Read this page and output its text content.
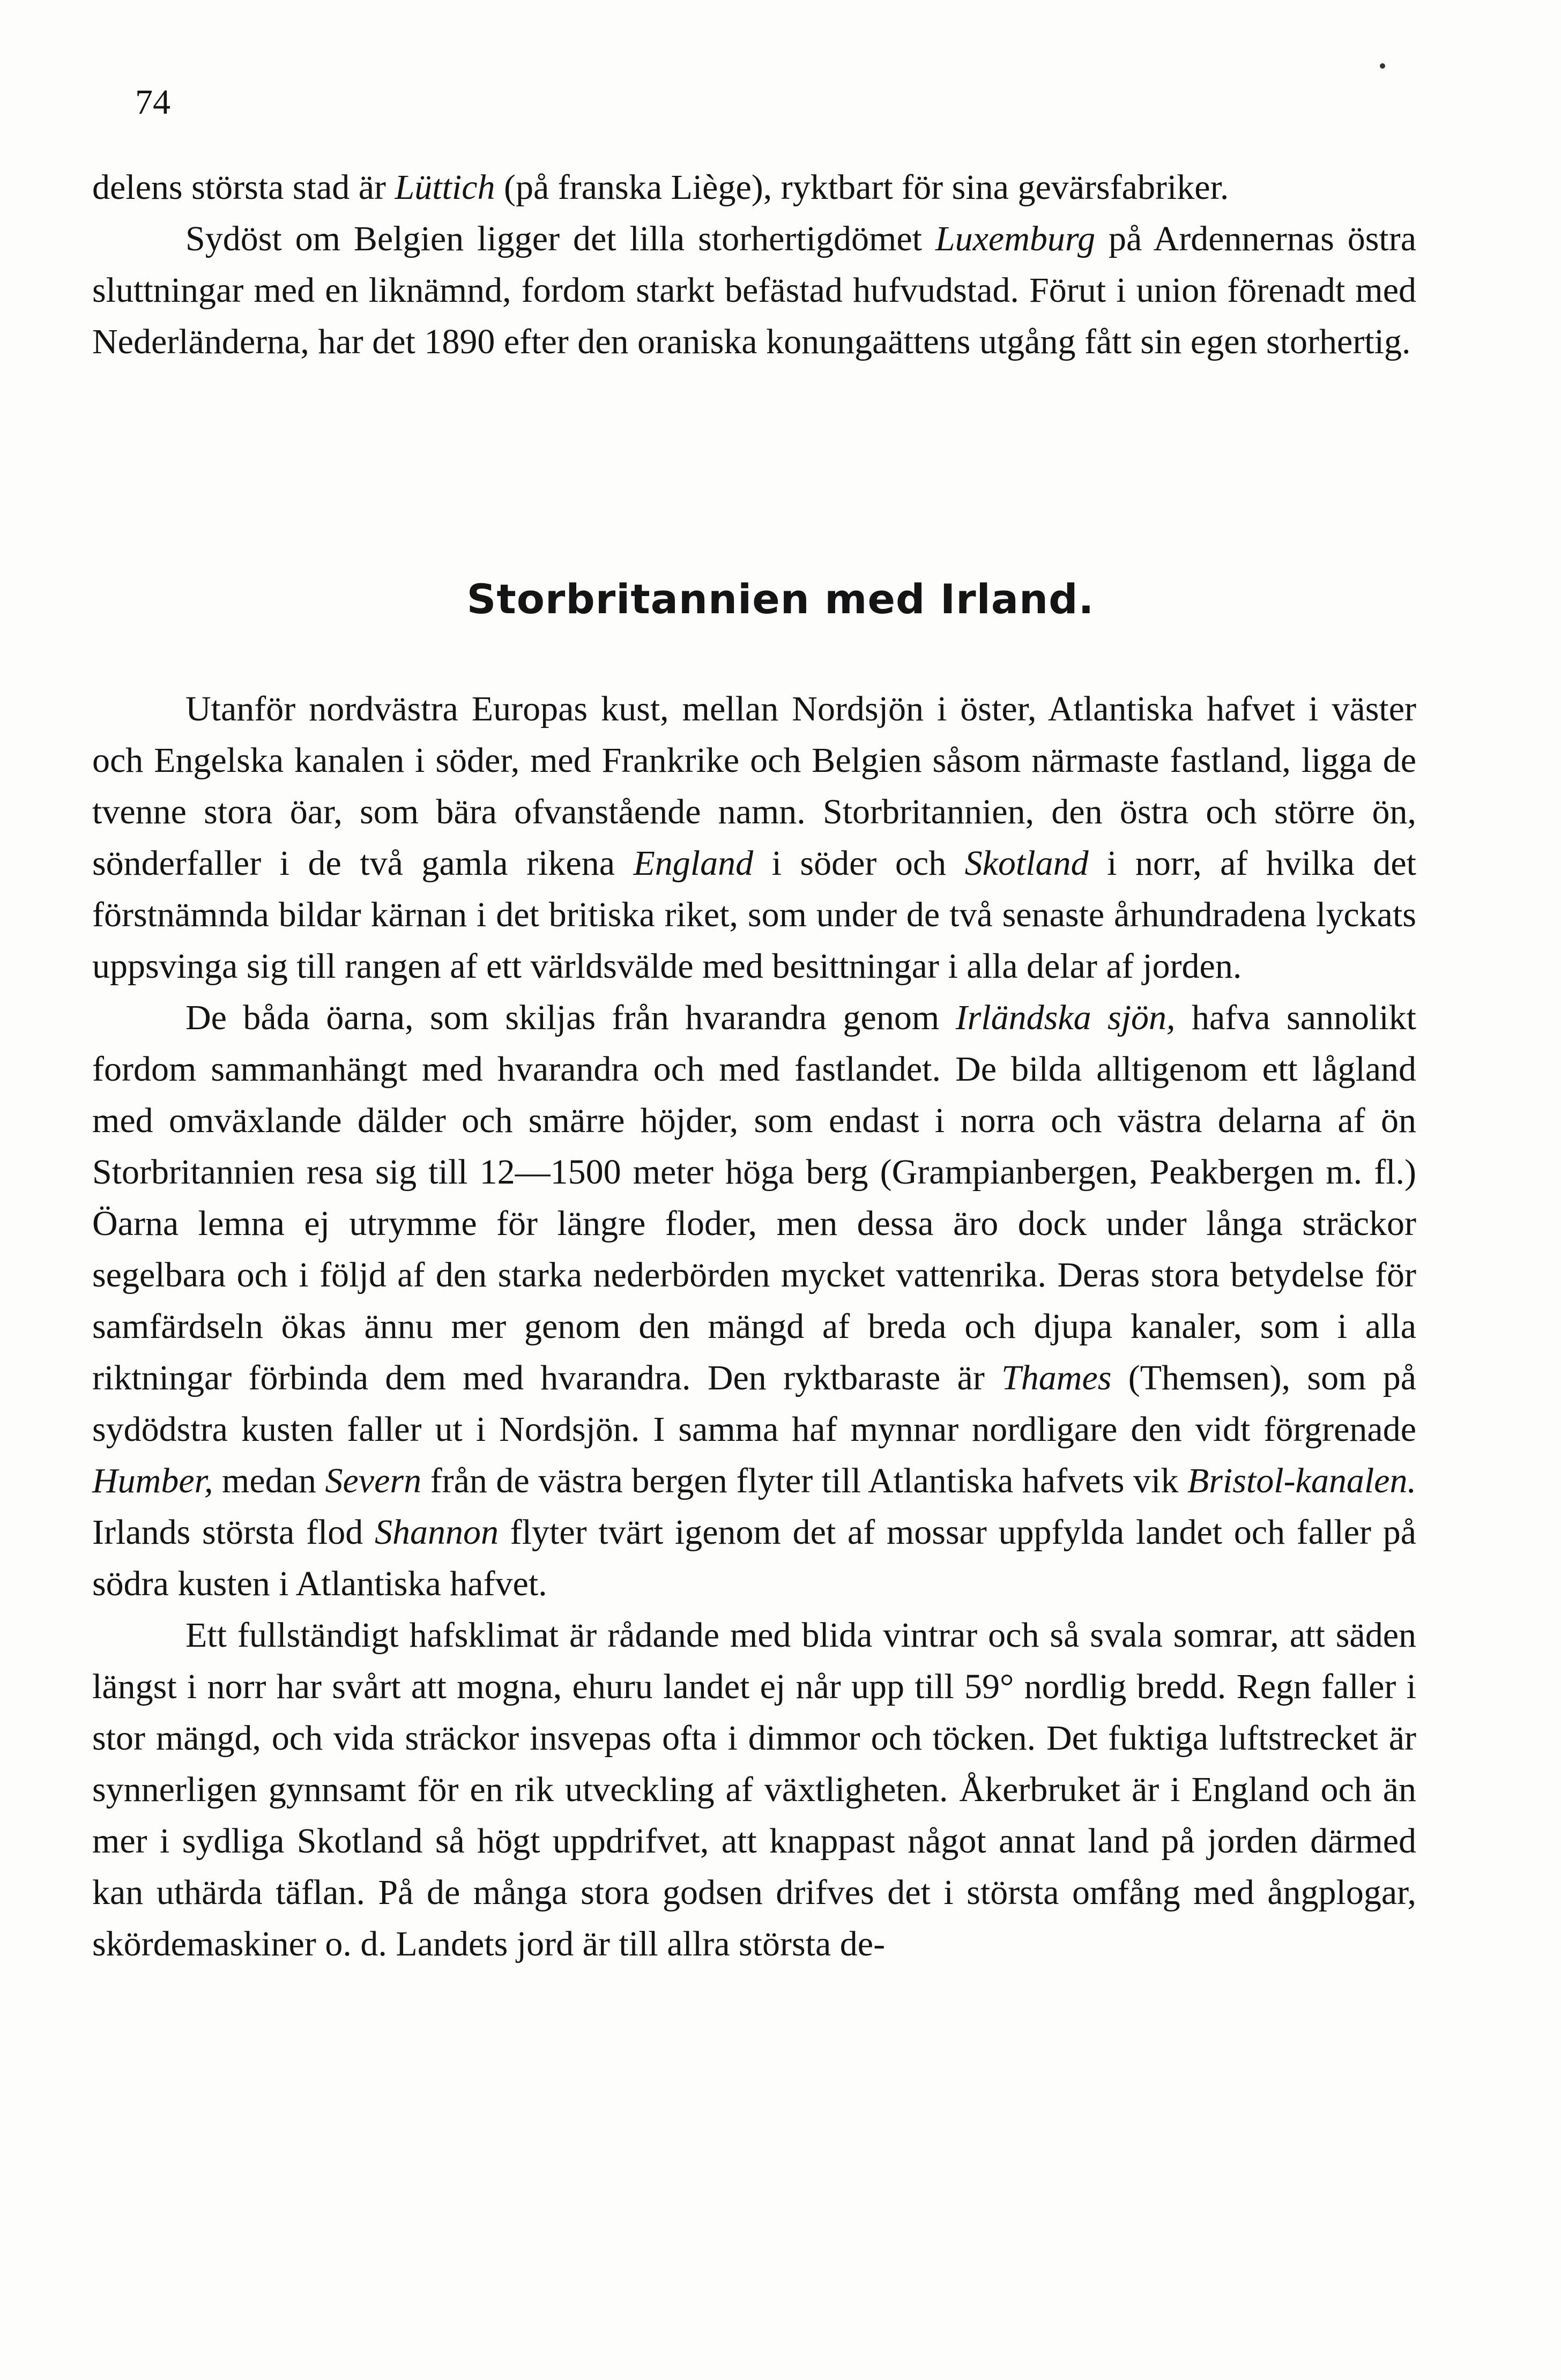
74

delens största stad är Lüttich (på franska Liège), ryktbart för sina gevärsfabriker.

Sydöst om Belgien ligger det lilla storhertigdömet Luxemburg på Ardennernas östra sluttningar med en liknämnd, fordom starkt befästad hufvudstad. Förut i union förenadt med Nederländerna, har det 1890 efter den oraniska konungaättens utgång fått sin egen storhertig.

Storbritannien med Irland.

Utanför nordvästra Europas kust, mellan Nordsjön i öster, Atlantiska hafvet i väster och Engelska kanalen i söder, med Frankrike och Belgien såsom närmaste fastland, ligga de tvenne stora öar, som bära ofvanstående namn. Storbritannien, den östra och större ön, sönderfaller i de två gamla rikena England i söder och Skotland i norr, af hvilka det förstnämnda bildar kärnan i det britiska riket, som under de två senaste århundradena lyckats uppsvinga sig till rangen af ett världsvälde med besittningar i alla delar af jorden.

De båda öarna, som skiljas från hvarandra genom Irländska sjön, hafva sannolikt fordom sammanhängt med hvarandra och med fastlandet. De bilda alltigenom ett lågland med omväxlande dälder och smärre höjder, som endast i norra och västra delarna af ön Storbritannien resa sig till 12—1500 meter höga berg (Grampianbergen, Peakbergen m. fl.) Öarna lemna ej utrymme för längre floder, men dessa äro dock under långa sträckor segelbara och i följd af den starka nederbörden mycket vattenrika. Deras stora betydelse för samfärdseln ökas ännu mer genom den mängd af breda och djupa kanaler, som i alla riktningar förbinda dem med hvarandra. Den ryktbaraste är Thames (Themsen), som på sydödstra kusten faller ut i Nordsjön. I samma haf mynnar nordligare den vidt förgrenade Humber, medan Severn från de västra bergen flyter till Atlantiska hafvets vik Bristol-kanalen. Irlands största flod Shannon flyter tvärt igenom det af mossar uppfylda landet och faller på södra kusten i Atlantiska hafvet.

Ett fullständigt hafsklimat är rådande med blida vintrar och så svala somrar, att säden längst i norr har svårt att mogna, ehuru landet ej når upp till 59° nordlig bredd. Regn faller i stor mängd, och vida sträckor insvepas ofta i dimmor och töcken. Det fuktiga luftstrecket är synnerligen gynnsamt för en rik utveckling af växtligheten. Åkerbruket är i England och än mer i sydliga Skotland så högt uppdrifvet, att knappast något annat land på jorden därmed kan uthärda täflan. På de många stora godsen drifves det i största omfång med ångplogar, skördemaskiner o. d. Landets jord är till allra största de-
